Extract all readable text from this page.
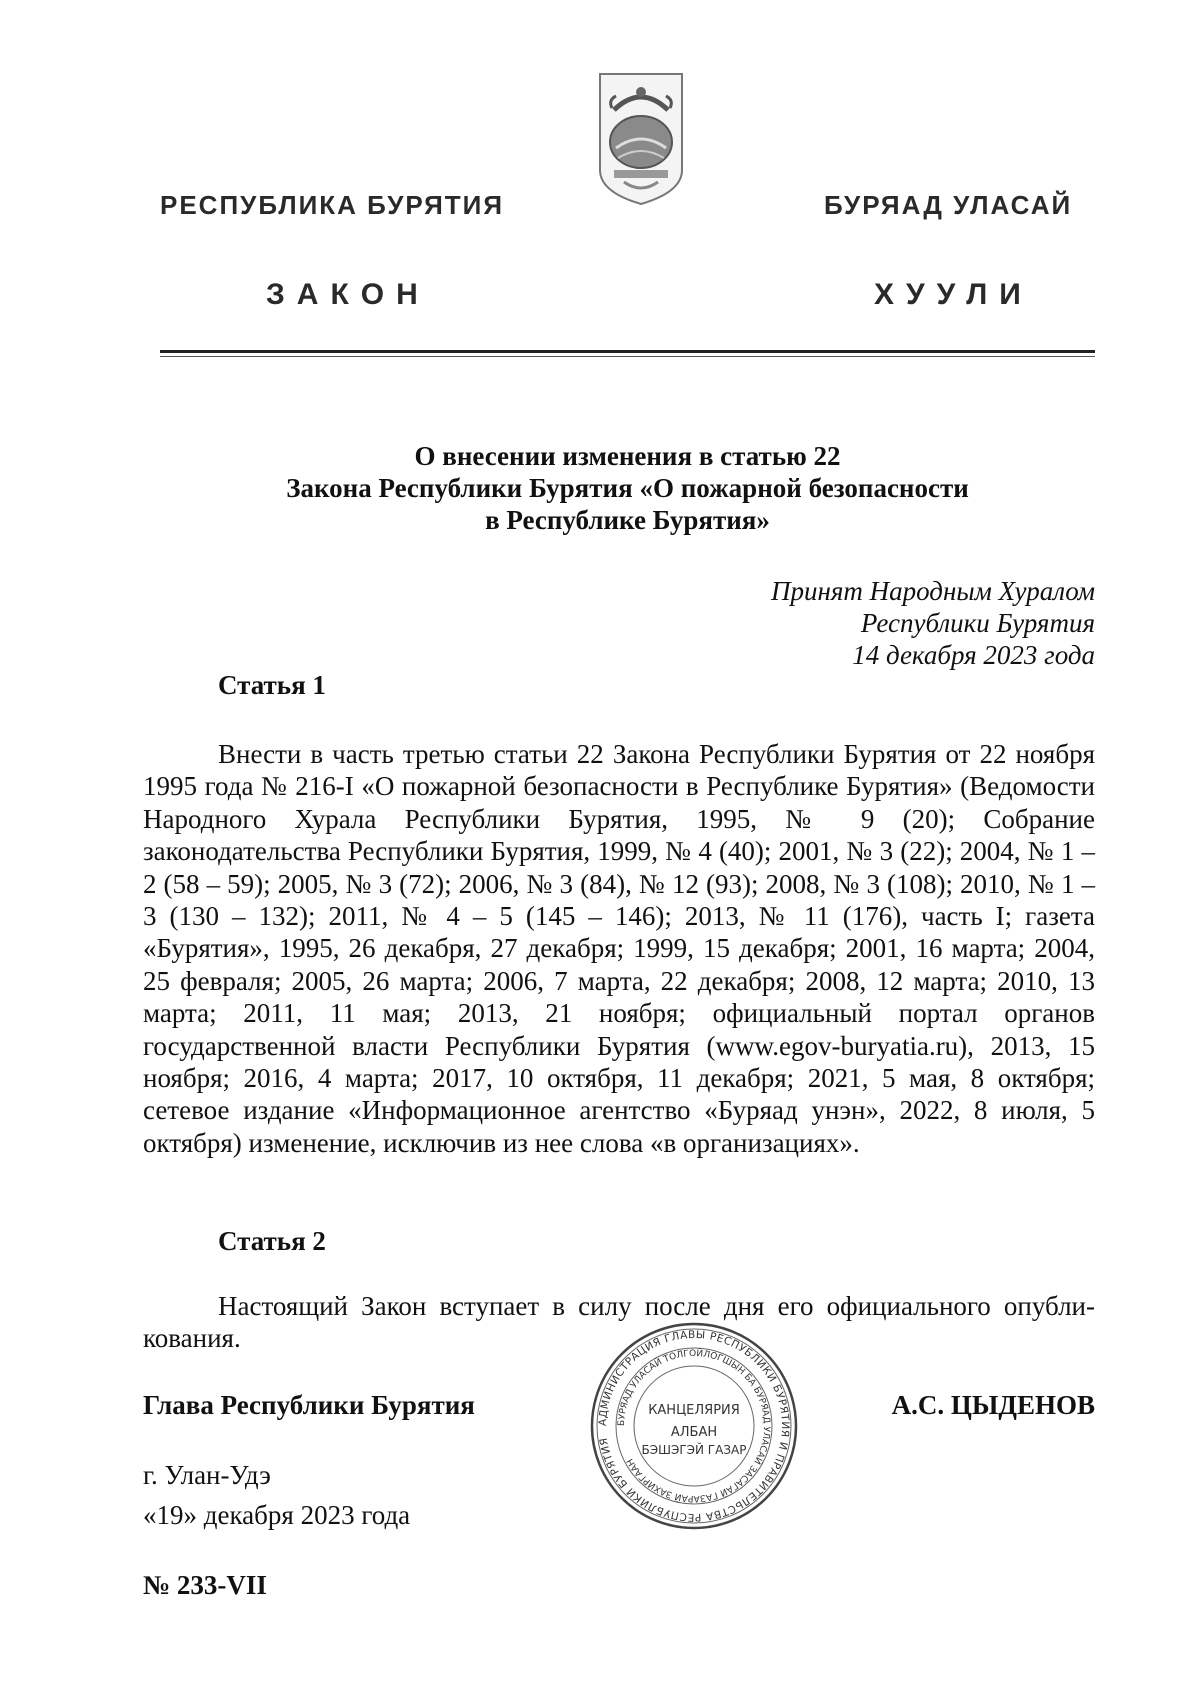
РЕСПУБЛИКА БУРЯТИЯ	БУРЯАД УЛАСАЙ
ЗАКОН	ХУУЛИ
О внесении изменения в статью 22
Закона Республики Бурятия «О пожарной безопасности
в Республике Бурятия»
Принят Народным Хуралом
Республики Бурятия
14 декабря 2023 года
Статья 1
Внести в часть третью статьи 22 Закона Республики Бурятия от 22 ноября 1995 года № 216-I «О пожарной безопасности в Республике Бурятия» (Ведомости Народного Хурала Республики Бурятия, 1995, № 9 (20); Собрание законодательства Республики Бурятия, 1999, № 4 (40); 2001, № 3 (22); 2004, № 1 – 2 (58 – 59); 2005, № 3 (72); 2006, № 3 (84), № 12 (93); 2008, № 3 (108); 2010, № 1 – 3 (130 – 132); 2011, № 4 – 5 (145 – 146); 2013, № 11 (176), часть I; газета «Бурятия», 1995, 26 декабря, 27 декабря; 1999, 15 декабря; 2001, 16 марта; 2004, 25 февраля; 2005, 26 марта; 2006, 7 марта, 22 декабря; 2008, 12 марта; 2010, 13 марта; 2011, 11 мая; 2013, 21 ноября; официальный портал органов государственной власти Республики Бурятия (www.egov-buryatia.ru), 2013, 15 ноября; 2016, 4 марта; 2017, 10 октября, 11 декабря; 2021, 5 мая, 8 октября; сетевое издание «Информационное агентство «Буряад унэн», 2022, 8 июля, 5 октября) изменение, исключив из нее слова «в организациях».
Статья 2
Настоящий Закон вступает в силу после дня его официального опубли-кования.
Глава Республики Бурятия	А.С. ЦЫДЕНОВ
г. Улан-Удэ
«19» декабря 2023 года
№ 233-VII
АДМИНИСТРАЦИЯ ГЛАВЫ РЕСПУБЛИКИ БУРЯТИЯ И ПРАВИТЕЛЬСТВА РЕСПУБЛИКИ БУРЯТИЯ
БУРЯАД УЛАСАЙ ТОЛГОЙЛОГШЫН БА БУРЯАД УЛАСАЙ ЗАСАГАЙ ГАЗАРАЙ ЗАХИРГААН
КАНЦЕЛЯРИЯ
АЛБАН
БЭШЭГЭЙ ГАЗАР
